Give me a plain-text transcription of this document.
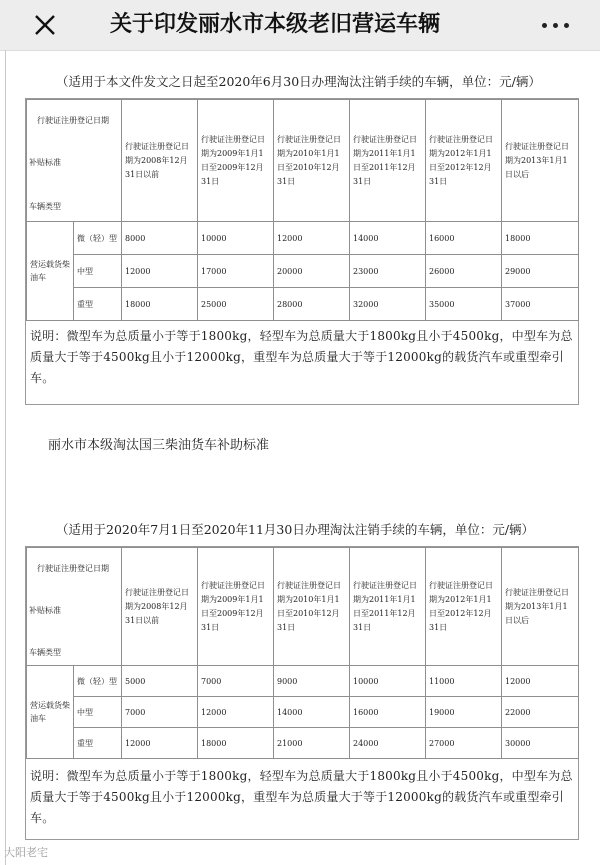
关于印发丽水市本级老旧营运车辆
（适用于本文件发文之日起至2020年6月30日办理淘汰注销手续的车辆，单位：元/辆）
行驶证注册登记日期
补贴标准
车辆类型		行驶证注册登记日期为2008年12月31日以前	行驶证注册登记日期为2009年1月1日至2009年12月31日	行驶证注册登记日期为2010年1月1日至2010年12月31日	行驶证注册登记日期为2011年1月1日至2011年12月31日	行驶证注册登记日期为2012年1月1日至2012年12月31日	行驶证注册登记日期为2013年1月1日以后
营运载货柴油车	微（轻）型	8000	10000	12000	14000	16000	18000
	中型	12000	17000	20000	23000	26000	29000
	重型	18000	25000	28000	32000	35000	37000
说明：微型车为总质量小于等于1800kg，轻型车为总质量大于1800kg且小于4500kg，中型车为总质量大于等于4500kg且小于12000kg，重型车为总质量大于等于12000kg的载货汽车或重型牵引车。
丽水市本级淘汰国三柴油货车补助标准
（适用于2020年7月1日至2020年11月30日办理淘汰注销手续的车辆，单位：元/辆）
行驶证注册登记日期
补贴标准
车辆类型		行驶证注册登记日期为2008年12月31日以前	行驶证注册登记日期为2009年1月1日至2009年12月31日	行驶证注册登记日期为2010年1月1日至2010年12月31日	行驶证注册登记日期为2011年1月1日至2011年12月31日	行驶证注册登记日期为2012年1月1日至2012年12月31日	行驶证注册登记日期为2013年1月1日以后
营运载货柴油车	微（轻）型	5000	7000	9000	10000	11000	12000
	中型	7000	12000	14000	16000	19000	22000
	重型	12000	18000	21000	24000	27000	30000
说明：微型车为总质量小于等于1800kg，轻型车为总质量大于1800kg且小于4500kg，中型车为总质量大于等于4500kg且小于12000kg，重型车为总质量大于等于12000kg的载货汽车或重型牵引车。
大阳老宅
